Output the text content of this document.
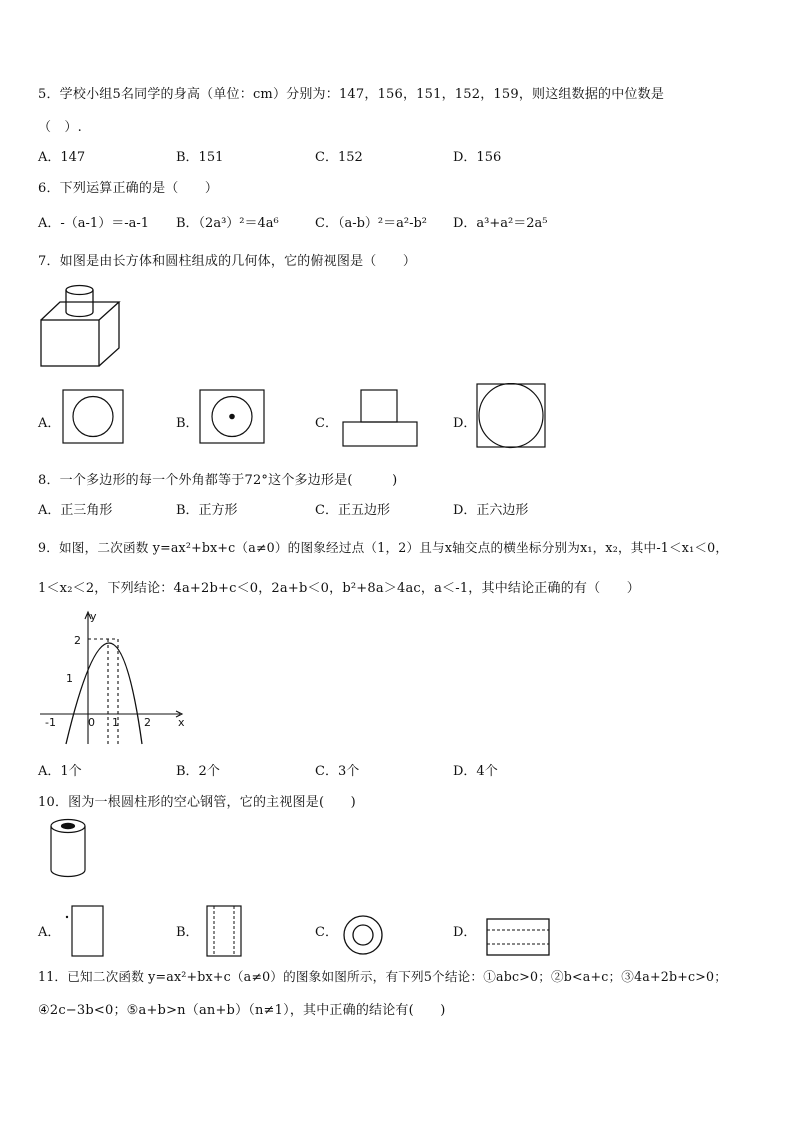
5．学校小组5名同学的身高（单位：cm）分别为：147，156，151，152，159，则这组数据的中位数是
（　）.
A．147	B．151	C．152	D．156
6．下列运算正确的是（　　）
A．-（a-1）＝-a-1 B．（2a³）²＝4a⁶	C．（a-b）²＝a²-b² D．a³+a²＝2a⁵
7．如图是由长方体和圆柱组成的几何体，它的俯视图是（　　）
A．	B．	C．	D．
8．一个多边形的每一个外角都等于72°这个多边形是(　　　)
A．正三角形	B．正方形	C．正五边形	D．正六边形
9．如图，二次函数 y=ax²+bx+c（a≠0）的图象经过点（1，2）且与x轴交点的横坐标分别为x₁，x₂，其中-1＜x₁＜0，
1＜x₂＜2，下列结论：4a+2b+c＜0，2a+b＜0，b²+8a＞4ac，a＜-1，其中结论正确的有（　　）
y
x
2
1
-1	0 1 2
A．1个	B．2个	C．3个	D．4个
10．图为一根圆柱形的空心钢管，它的主视图是(　　)
A．	B．	C．	D．
11．已知二次函数 y=ax²+bx+c（a≠0）的图象如图所示，有下列5个结论：①abc>0；②b<a+c；③4a+2b+c>0；
④2c−3b<0；⑤a+b>n（an+b）（n≠1），其中正确的结论有(　　)
